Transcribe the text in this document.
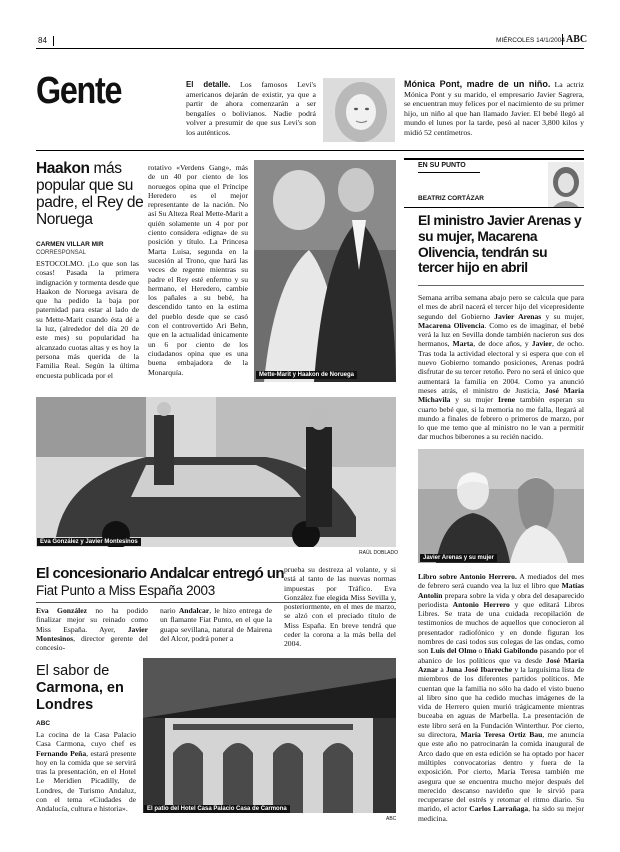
84	MIÉRCOLES 14/1/2004 ABC
Gente	El detalle. Los famosos Levi's americanos dejarán de existir, ya que a partir de ahora comenzarán a ser bengalíes o bolivianos. Nadie podrá volver a presumir de que sus Levi's son los auténticos.

Mónica Pont, madre de un niño. La actriz Mónica Pont y su marido, el empresario Javier Sagrera, se encuentran muy felices por el nacimiento de su primer hijo, un niño al que han llamado Javier. El bebé llegó al mundo el lunes por la tarde, pesó al nacer 3,800 kilos y midió 52 centímetros.

Haakon más popular que su padre, el Rey de Noruega
CARMEN VILLAR MIR
CORRESPONSAL

ESTOCOLMO. ¡Lo que son las cosas! Pasada la primera indignación y tormenta desde que Haakon de Noruega avisara de que ha pedido la baja por paternidad para estar al lado de su Mette-Marit cuando ésta dé a la luz, (alrededor del día 20 de este mes) su popularidad ha alcanzado cuotas altas y es hoy la persona más querida de la Familia Real. Según la última encuesta publicada por el

rotativo «Verdens Gang», más de un 40 por ciento de los noruegos opina que el Príncipe Heredero es el mejor representante de la nación. No así Su Alteza Real Mette-Marit a quién solamente un 4 por por ciento considera «digna» de su posición y título. La Princesa Marta Luisa, segunda en la sucesión al Trono, que hará las veces de regente mientras su padre el Rey esté enfermo y su hermano, el Heredero, cambie los pañales a su bebé, ha descendido tanto en la estima del pueblo desde que se casó con el controvertido Ari Behn, que en la actualidad únicamente un 6 por ciento de los ciudadanos opina que es una buena embajadora de la Monarquía.	Mette-Marit y Haakon de Noruega
Eva González y Javier Montesinos
RAÚL DOBLADO
El concesionario Andalcar entregó un
Fiat Punto a Miss España 2003

Eva González no ha podido finalizar mejor su reinado como Miss España. Ayer, Javier Montesinos, director gerente del concesio-

nario Andalcar, le hizo entrega de un flamante Fiat Punto, en el que la guapa sevillana, natural de Mairena del Alcor, podrá poner a

prueba su destreza al volante, y si está al tanto de las nuevas normas impuestas por Tráfico. Eva González fue elegida Miss Sevilla y, posteriormente, en el mes de marzo, se alzó con el preciado título de Miss España. En breve tendrá que ceder la corona a la más bella del 2004.

El sabor de
Carmona, en Londres
ABC

La cocina de la Casa Palacio Casa Carmona, cuyo chef es Fernando Peña, estará presente hoy en la comida que se servirá tras la presentación, en el Hotel Le Meridien Picadilly, de Londres, de Turismo Andaluz, con el tema «Ciudades de Andalucía, cultura e historia».	El patio del Hotel Casa Palacio Casa de Carmona
ABC
EN SU PUNTO
BEATRIZ CORTÁZAR
El ministro Javier Arenas y su mujer, Macarena Olivencia, tendrán su tercer hijo en abril

Semana arriba semana abajo pero se calcula que para el mes de abril nacerá el tercer hijo del vicepresidente segundo del Gobierno Javier Arenas y su mujer, Macarena Olivencia. Como es de imaginar, el bebé verá la luz en Sevilla donde también nacieron sus dos hermanos, Marta, de doce años, y Javier, de ocho. Tras toda la actividad electoral y si espera que con el nuevo Gobierno tomando posiciones, Arenas podrá disfrutar de su tercer retoño. Pero no será el único que aumentará la familia en 2004. Como ya anunció meses atrás, el ministro de Justicia, José María Michavila y su mujer Irene también esperan su cuarto bebé que, si la memoria no me falla, llegará al mundo a finales de febrero o primeros de marzo, por lo que me temo que al ministro no le van a permitir dar muchos biberones a su recién nacido.

Javier Arenas y su mujer

Libro sobre Antonio Herrero. A mediados del mes de febrero será cuando vea la luz el libro que Matías Antolín prepara sobre la vida y obra del desaparecido periodista Antonio Herrero y que editará Libros Libres. Se trata de una cuidada recopilación de testimonios de muchos de aquellos que conocieron al presentador radiofónico y en donde figuran los nombres de casi todos sus colegas de las ondas, como son Luis del Olmo o Iñaki Gabilondo pasando por el abanico de los políticos que va desde José María Aznar a Juna José Ibarreche y la larguísima lista de miembros de los diferentes partidos políticos. Me cuentan que la familia no sólo ha dado el visto bueno al libro sino que ha cedido muchas imágenes de la vida de Herrero quien murió trágicamente mientras buceaba en aguas de Marbella. La presentación de este libro será en la Fundación Winterthur. Por cierto, su directora, María Teresa Ortiz Bau, me anuncia que este año no patrocinarán la comida inaugural de Arco dado que en esta edición se ha optado por hacer múltiples convocatorias dentro y fuera de la exposición. Por cierto, María Teresa también me asegura que se encuentra mucho mejor después del merecido descanso navideño que le sirvió para recuperarse del estrés y retomar el ritmo diario. Su marido, el actor Carlos Larrañaga, ha sido su mejor medicina.
